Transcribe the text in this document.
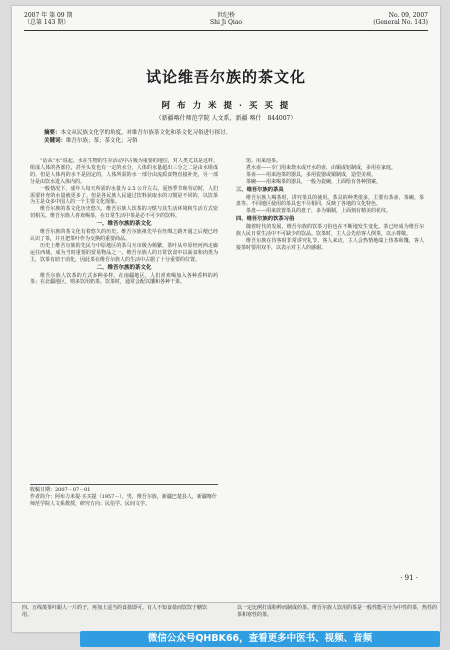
2007 年 第 09 期
（总第 143 期）
世纪桥
Shi Ji Qiao
No. 09, 2007
(General No. 143)
试论维吾尔族的茶文化
阿 布 力 米 提 · 买 买 提
（新疆喀什师范学院 人文系，新疆 喀什　844007）
摘要：本文从民族文化学的角度，对维吾尔族茶文化和茶文化习俗进行探讨。
关键词：维吾尔族；茶；茶文化；习俗

“话从“水”说起。水在生物的生存活动中占极为重要的地位，对人类尤其是这样。组成人体的各部位，甚至头发也有一定的水分，人体的水量超出三分之二是由水组成的。但是人体内的水不是固定的，人体所需的水一部分由流质食物直接补充，另一部分是由饮水进入体内的。

一般情况下，成年人每天所需的水量为 2.5 公升左右。夏热季节和劳动时，人们需要补充的水量就更多了。但是各民族人民通过饮料获取水的习惯是不同的，以饮茶为主是众多中国人的一个主要文化现象。

维吾尔族的茶文化历史悠久，维吾尔族人饮茶的习惯与其生活环境和生活方式密切相关。维吾尔族人喜欢喝茶，在日常生活中茶是必不可少的饮料。

一、维吾尔族的茶文化

维吾尔族的茶文化有着悠久的历史。维吾尔族祖先早在丝绸之路开通之后便已经认识了茶，并且把茶叶作为交换的重要商品。

历史上维吾尔族的先民与中原地区的茶马互市极为频繁，茶叶从中原经河西走廊运往西域，成为当时重要的贸易物品之一。维吾尔族人的日常饮食中以面食和肉类为主，饮茶有助于消化，因此茶在维吾尔族人的生活中占据了十分重要的位置。

二、维吾尔族的茶文化

维吾尔族人饮茶的方式多种多样。在南疆地区，人们喜欢喝加入各种香料的药茶；在北疆地区，则多饮用奶茶。饮茶时，通常会配以馕和各种干果。

馆。用来泡茶。

煮水壶——专门用来烧水或开水的壶，由铜或铝制成，多用在家庭。

茶壶——用来泡茶的器具，多用瓷器或铜制成，造型美观。

茶碗——用来喝茶的器具，一般为瓷碗，上面绘有各种图案。

三、维吾尔族的茶具

维吾尔族人喝茶时，讲究茶具的使用。茶具的种类很多，主要有茶壶、茶碗、茶盘等。不同地区使用的茶具也不尽相同，反映了各地的文化特色。

茶盘——用来放置茶具的盘子，多为铜制，上面刻有精美的花纹。

四、维吾尔族的饮茶习俗

随着时代的发展，维吾尔族的饮茶习俗也在不断地发生变化。茶已经成为维吾尔族人民日常生活中不可缺少的饮品。饮茶时，主人会先给客人倒茶，以示尊敬。

维吾尔族在待客时非常讲究礼节，客人来访，主人会热情地端上热茶和馕，客人接茶时要用双手，以表示对主人的感谢。

收稿日期：2007－07－01
作者简介：阿布力米提·买买提（1957－），男，维吾尔族，新疆巴楚县人，新疆喀什师范学院人文系教授，研究方向：民俗学、民间文学。
· 91 ·
四、五线蔑茶叶跟人一斤的子，再加上适当的食盐即可。有人不知食盐而饮饮于糖饮用。
以一定比例打成粉粹而制成的茶。维吾尔族人饮用的茶是一般性能可分为中性的茶，热性的茶和寒性的茶。
微信公众号QHBK66，查看更多中医书、视频、音频
